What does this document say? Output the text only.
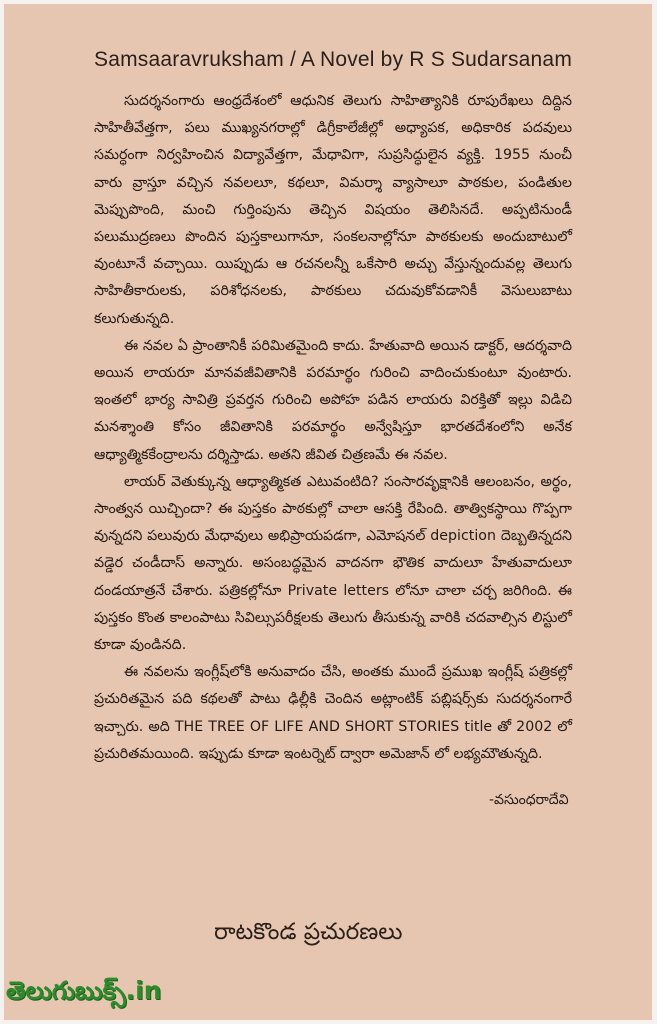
Samsaaravruksham / A Novel by R S Sudarsanam

సుదర్శనంగారు ఆంధ్రదేశంలో ఆధునిక తెలుగు సాహిత్యానికి రూపురేఖలు దిద్దిన సాహితీవేత్తగా, పలు ముఖ్యనగరాల్లో డిగ్రీకాలేజీల్లో అధ్యాపక, అధికారిక పదవులు సమర్ధంగా నిర్వహించిన విద్యావేత్తగా, మేధావిగా, సుప్రసిద్ధులైన వ్యక్తి. 1955 నుంచీ వారు వ్రాస్తూ వచ్చిన నవలలూ, కథలూ, విమర్శా వ్యాసాలూ పాఠకుల, పండితుల మెప్పుపొంది, మంచి గుర్తింపును తెచ్చిన విషయం తెలిసినదే. అప్పటినుండీ పలుముద్రణలు పొందిన పుస్తకాలుగానూ, సంకలనాల్లోనూ పాఠకులకు అందుబాటులో వుంటూనే వచ్చాయి. యిప్పుడు ఆ రచనలన్నీ ఒకేసారి అచ్చు వేస్తున్నందువల్ల తెలుగు సాహితీకారులకు, పరిశోధనలకు, పాఠకులు చదువుకోవడానికీ వెసులుబాటు కలుగుతున్నది.

ఈ నవల ఏ ప్రాంతానికీ పరిమితమైంది కాదు. హేతువాది అయిన డాక్టర్, ఆదర్శవాది అయిన లాయరూ మానవజీవితానికి పరమార్థం గురించి వాదించుకుంటూ వుంటారు. ఇంతలో భార్య సావిత్రి ప్రవర్తన గురించి అపోహ పడిన లాయరు విరక్తితో ఇల్లు విడిచి మనశ్శాంతి కోసం జీవితానికి పరమార్థం అన్వేషిస్తూ భారతదేశంలోని అనేక ఆధ్యాత్మికకేంద్రాలను దర్శిస్తాడు. అతని జీవిత చిత్రణమే ఈ నవల.

లాయర్ వెతుక్కున్న ఆధ్యాత్మికత ఎటువంటిది? సంసారవృక్షానికి ఆలంబనం, అర్థం, సాంత్వన యిచ్చిందా? ఈ పుస్తకం పాఠకుల్లో చాలా ఆసక్తి రేపింది. తాత్వికస్థాయి గొప్పగా వున్నదని పలువురు మేధావులు అభిప్రాయపడగా, ఎమోషనల్ depiction దెబ్బతిన్నదని వడ్డెర చండీదాస్ అన్నారు. అసంబద్ధమైన వాదనగా భౌతిక వాదులూ హేతువాదులూ దండయాత్రనే చేశారు. పత్రికల్లోనూ Private letters లోనూ చాలా చర్చ జరిగింది. ఈ పుస్తకం కొంత కాలంపాటు సివిల్సుపరీక్షలకు తెలుగు తీసుకున్న వారికి చదవాల్సిన లిస్టులో కూడా వుండినది.

ఈ నవలను ఇంగ్లీష్‌లోకి అనువాదం చేసి, అంతకు ముందే ప్రముఖ ఇంగ్లీష్ పత్రికల్లో ప్రచురితమైన పది కథలతో పాటు ఢిల్లీకి చెందిన అట్లాంటిక్ పబ్లిషర్స్‌కు సుదర్శనంగారే ఇచ్చారు. అది THE TREE OF LIFE AND SHORT STORIES title తో 2002 లో ప్రచురితమయింది. ఇప్పుడు కూడా ఇంటర్నెట్ ద్వారా అమెజాన్ లో లభ్యమౌతున్నది.

-వసుంధరాదేవి
రాటకొండ ప్రచురణలు
తెలుగుబుక్స్.in
